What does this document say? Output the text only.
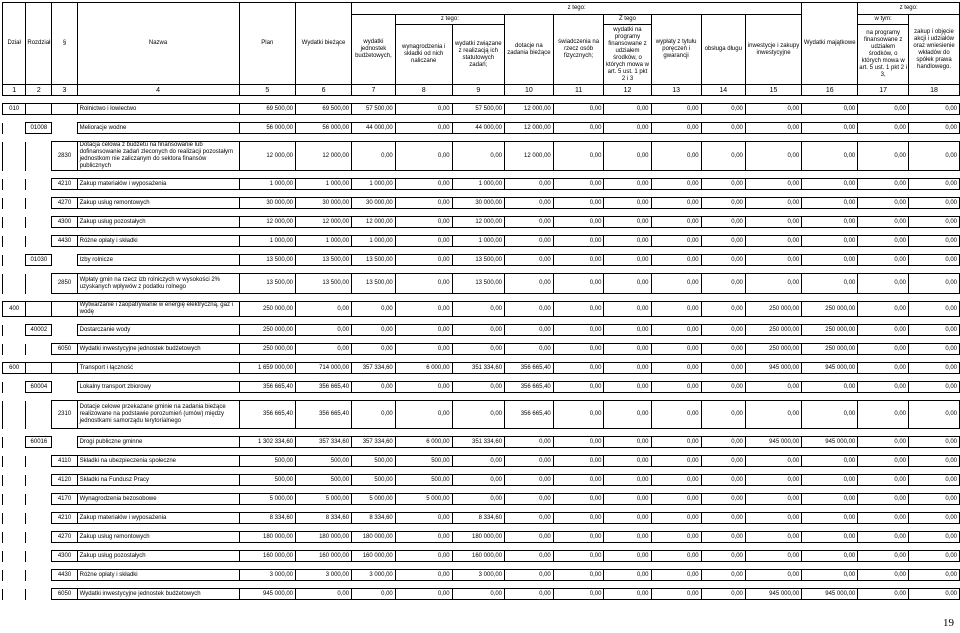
Dział	Rozdział	§	Nazwa	Plan	Wydatki bieżące	z tego:									Wydatki majątkowe	z tego:	
						wydatki jednostek budżetowych,	z tego:		dotacje na zadania bieżące	świadczenia na rzecz osób fizycznych;	Z tego	wypłaty z tytułu poręczeń i gwarancji	obsługa długu	inwestycje i zakupy inwestycyjne		w tym:	zakup i objęcie akcji i udziałów oraz wniesienie wkładów do spółek prawa handlowego.
							wynagrodzenia i składki od nich naliczane	wydatki związane z realizacją ich statutowych zadań;			wydatki na programy finansowane z udziałem środków, o których mowa w art. 5 ust. 1 pkt 2 i 3					na programy finansowane z udziałem środków, o których mowa w art. 5 ust. 1 pkt 2 i 3,	

1	2	3	4	5	6	7	8	9	10	11	12	13	14	15	16	17	18

010			Rolnictwo i łowiectwo	69 500,00	69 500,00	57 500,00	0,00	57 500,00	12 000,00	0,00	0,00	0,00	0,00	0,00	0,00	0,00	0,00

	01008		Melioracje wodne	56 000,00	56 000,00	44 000,00	0,00	44 000,00	12 000,00	0,00	0,00	0,00	0,00	0,00	0,00	0,00	0,00

		2830	Dotacja celowa z budżetu na finansowanie lub dofinansowanie zadań zleconych do realizacji pozostałym jednostkom nie zaliczanym do sektora finansów publicznych	12 000,00	12 000,00	0,00	0,00	0,00	12 000,00	0,00	0,00	0,00	0,00	0,00	0,00	0,00	0,00

		4210	Zakup materiałów i wyposażenia	1 000,00	1 000,00	1 000,00	0,00	1 000,00	0,00	0,00	0,00	0,00	0,00	0,00	0,00	0,00	0,00

		4270	Zakup usług remontowych	30 000,00	30 000,00	30 000,00	0,00	30 000,00	0,00	0,00	0,00	0,00	0,00	0,00	0,00	0,00	0,00

		4300	Zakup usług pozostałych	12 000,00	12 000,00	12 000,00	0,00	12 000,00	0,00	0,00	0,00	0,00	0,00	0,00	0,00	0,00	0,00

		4430	Różne opłaty i składki	1 000,00	1 000,00	1 000,00	0,00	1 000,00	0,00	0,00	0,00	0,00	0,00	0,00	0,00	0,00	0,00

	01030		Izby rolnicze	13 500,00	13 500,00	13 500,00	0,00	13 500,00	0,00	0,00	0,00	0,00	0,00	0,00	0,00	0,00	0,00

		2850	Wpłaty gmin na rzecz izb rolniczych w wysokości 2% uzyskanych wpływów z podatku rolnego	13 500,00	13 500,00	13 500,00	0,00	13 500,00	0,00	0,00	0,00	0,00	0,00	0,00	0,00	0,00	0,00

400			Wytwarzanie i zaopatrywanie w energię elektryczną, gaz i wodę	250 000,00	0,00	0,00	0,00	0,00	0,00	0,00	0,00	0,00	0,00	250 000,00	250 000,00	0,00	0,00

	40002		Dostarczanie wody	250 000,00	0,00	0,00	0,00	0,00	0,00	0,00	0,00	0,00	0,00	250 000,00	250 000,00	0,00	0,00

		6050	Wydatki inwestycyjne jednostek budżetowych	250 000,00	0,00	0,00	0,00	0,00	0,00	0,00	0,00	0,00	0,00	250 000,00	250 000,00	0,00	0,00

600			Transport i łączność	1 659 000,00	714 000,00	357 334,60	6 000,00	351 334,60	356 665,40	0,00	0,00	0,00	0,00	945 000,00	945 000,00	0,00	0,00

	60004		Lokalny transport zbiorowy	356 665,40	356 665,40	0,00	0,00	0,00	356 665,40	0,00	0,00	0,00	0,00	0,00	0,00	0,00	0,00

		2310	Dotacje celowe przekazane gminie na zadania bieżące realizowane na podstawie porozumień (umów) między jednostkami samorządu terytorialnego	356 665,40	356 665,40	0,00	0,00	0,00	356 665,40	0,00	0,00	0,00	0,00	0,00	0,00	0,00	0,00

	60016		Drogi publiczne gminne	1 302 334,60	357 334,60	357 334,60	6 000,00	351 334,60	0,00	0,00	0,00	0,00	0,00	945 000,00	945 000,00	0,00	0,00

		4110	Składki na ubezpieczenia społeczne	500,00	500,00	500,00	500,00	0,00	0,00	0,00	0,00	0,00	0,00	0,00	0,00	0,00	0,00

		4120	Składki na Fundusz Pracy	500,00	500,00	500,00	500,00	0,00	0,00	0,00	0,00	0,00	0,00	0,00	0,00	0,00	0,00

		4170	Wynagrodzenia bezosobowe	5 000,00	5 000,00	5 000,00	5 000,00	0,00	0,00	0,00	0,00	0,00	0,00	0,00	0,00	0,00	0,00

		4210	Zakup materiałów i wyposażenia	8 334,60	8 334,60	8 334,60	0,00	8 334,60	0,00	0,00	0,00	0,00	0,00	0,00	0,00	0,00	0,00

		4270	Zakup usług remontowych	180 000,00	180 000,00	180 000,00	0,00	180 000,00	0,00	0,00	0,00	0,00	0,00	0,00	0,00	0,00	0,00

		4300	Zakup usług pozostałych	160 000,00	160 000,00	160 000,00	0,00	160 000,00	0,00	0,00	0,00	0,00	0,00	0,00	0,00	0,00	0,00

		4430	Różne opłaty i składki	3 000,00	3 000,00	3 000,00	0,00	3 000,00	0,00	0,00	0,00	0,00	0,00	0,00	0,00	0,00	0,00

		6050	Wydatki inwestycyjne jednostek budżetowych	945 000,00	0,00	0,00	0,00	0,00	0,00	0,00	0,00	0,00	0,00	945 000,00	945 000,00	0,00	0,00
19
